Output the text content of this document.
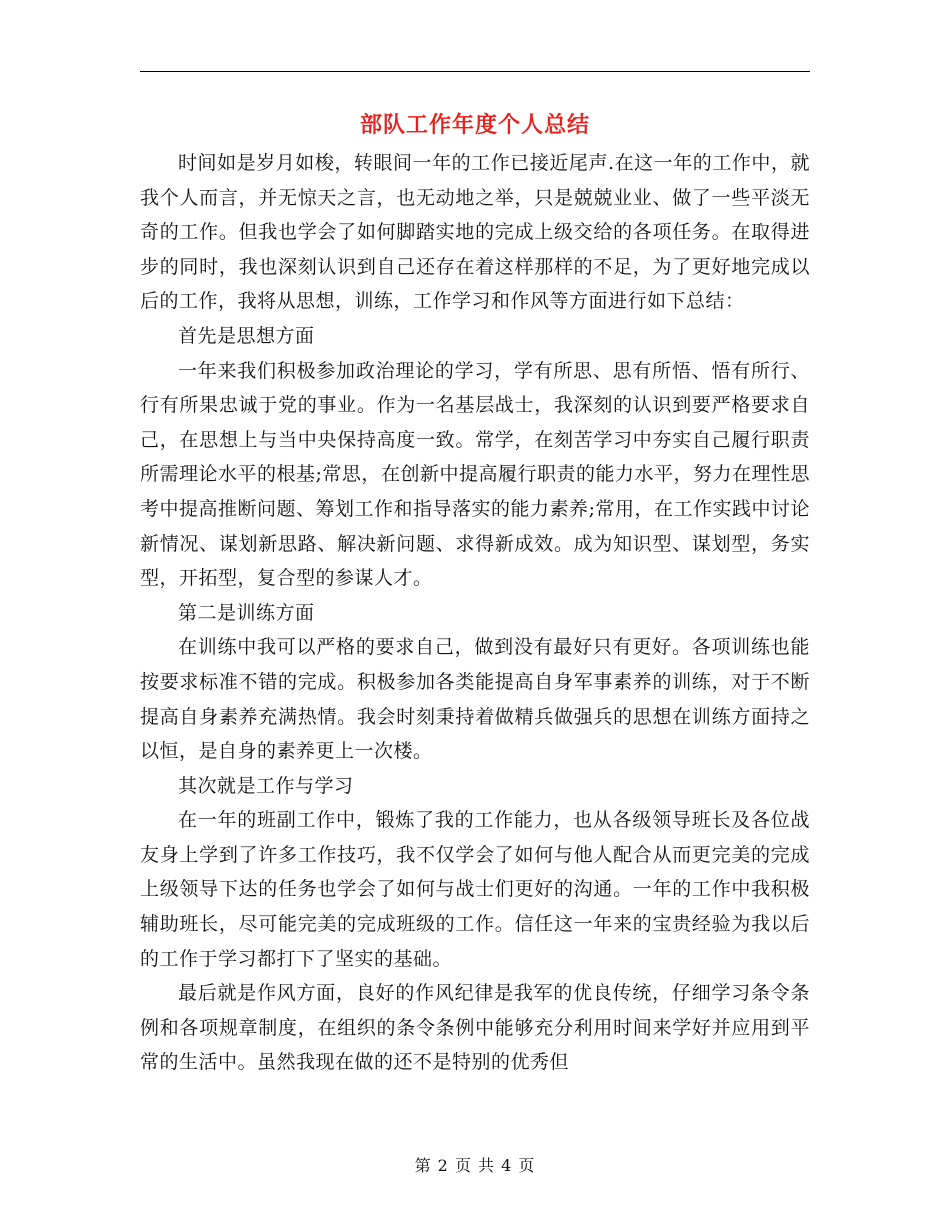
部队工作年度个人总结

时间如是岁月如梭，转眼间一年的工作已接近尾声.在这一年的工作中，就我个人而言，并无惊天之言，也无动地之举，只是兢兢业业、做了一些平淡无奇的工作。但我也学会了如何脚踏实地的完成上级交给的各项任务。在取得进步的同时，我也深刻认识到自己还存在着这样那样的不足，为了更好地完成以后的工作，我将从思想，训练，工作学习和作风等方面进行如下总结：

首先是思想方面

一年来我们积极参加政治理论的学习，学有所思、思有所悟、悟有所行、行有所果忠诚于党的事业。作为一名基层战士，我深刻的认识到要严格要求自己，在思想上与当中央保持高度一致。常学，在刻苦学习中夯实自己履行职责所需理论水平的根基;常思，在创新中提高履行职责的能力水平，努力在理性思考中提高推断问题、筹划工作和指导落实的能力素养;常用，在工作实践中讨论新情况、谋划新思路、解决新问题、求得新成效。成为知识型、谋划型，务实型，开拓型，复合型的参谋人才。

第二是训练方面

在训练中我可以严格的要求自己，做到没有最好只有更好。各项训练也能按要求标准不错的完成。积极参加各类能提高自身军事素养的训练，对于不断提高自身素养充满热情。我会时刻秉持着做精兵做强兵的思想在训练方面持之以恒，是自身的素养更上一次楼。

其次就是工作与学习

在一年的班副工作中，锻炼了我的工作能力，也从各级领导班长及各位战友身上学到了许多工作技巧，我不仅学会了如何与他人配合从而更完美的完成上级领导下达的任务也学会了如何与战士们更好的沟通。一年的工作中我积极辅助班长，尽可能完美的完成班级的工作。信任这一年来的宝贵经验为我以后的工作于学习都打下了坚实的基础。

最后就是作风方面，良好的作风纪律是我军的优良传统，仔细学习条令条例和各项规章制度，在组织的条令条例中能够充分利用时间来学好并应用到平常的生活中。虽然我现在做的还不是特别的优秀但

第 2 页 共 4 页
